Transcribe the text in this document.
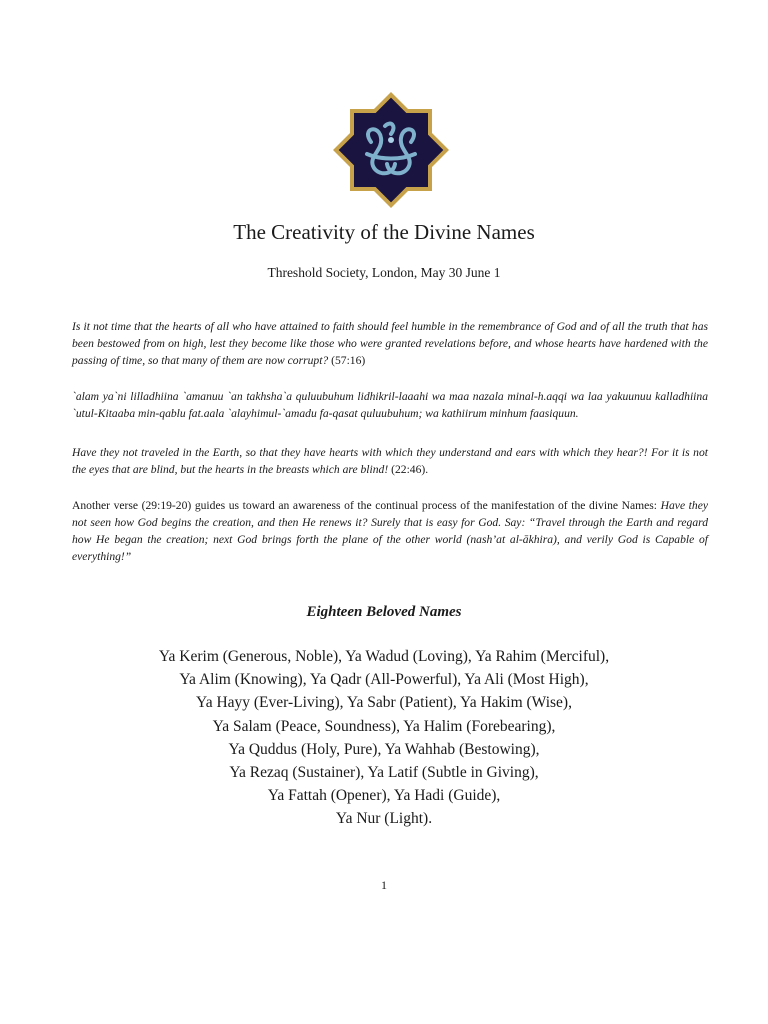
The Creativity of the Divine Names
Threshold Society, London, May 30 June 1
Is it not time that the hearts of all who have attained to faith should feel humble in the remembrance of God and of all the truth that has been bestowed from on high, lest they become like those who were granted revelations before, and whose hearts have hardened with the passing of time, so that many of them are now corrupt? (57:16)
`alam ya`ni lilladhiina `amanuu `an takhsha`a quluubuhum lidhikril-laaahi wa maa nazala minal-h.aqqi wa laa yakuunuu kalladhiina `utul-Kitaaba min-qablu fat.aala `alayhimul-`amadu fa-qasat quluubuhum; wa kathiirum minhum faasiquun.
Have they not traveled in the Earth, so that they have hearts with which they understand and ears with which they hear?! For it is not the eyes that are blind, but the hearts in the breasts which are blind! (22:46).
Another verse (29:19-20) guides us toward an awareness of the continual process of the manifestation of the divine Names: Have they not seen how God begins the creation, and then He renews it? Surely that is easy for God. Say: “Travel through the Earth and regard how He began the creation; next God brings forth the plane of the other world (nash’at al-ākhira), and verily God is Capable of everything!”
Eighteen Beloved Names
Ya Kerim (Generous, Noble), Ya Wadud (Loving), Ya Rahim (Merciful),
Ya Alim (Knowing), Ya Qadr (All-Powerful), Ya Ali (Most High),
Ya Hayy (Ever-Living), Ya Sabr (Patient), Ya Hakim (Wise),
Ya Salam (Peace, Soundness), Ya Halim (Forebearing),
Ya Quddus (Holy, Pure), Ya Wahhab (Bestowing),
Ya Rezaq (Sustainer), Ya Latif (Subtle in Giving),
Ya Fattah (Opener), Ya Hadi (Guide),
Ya Nur (Light).
1
